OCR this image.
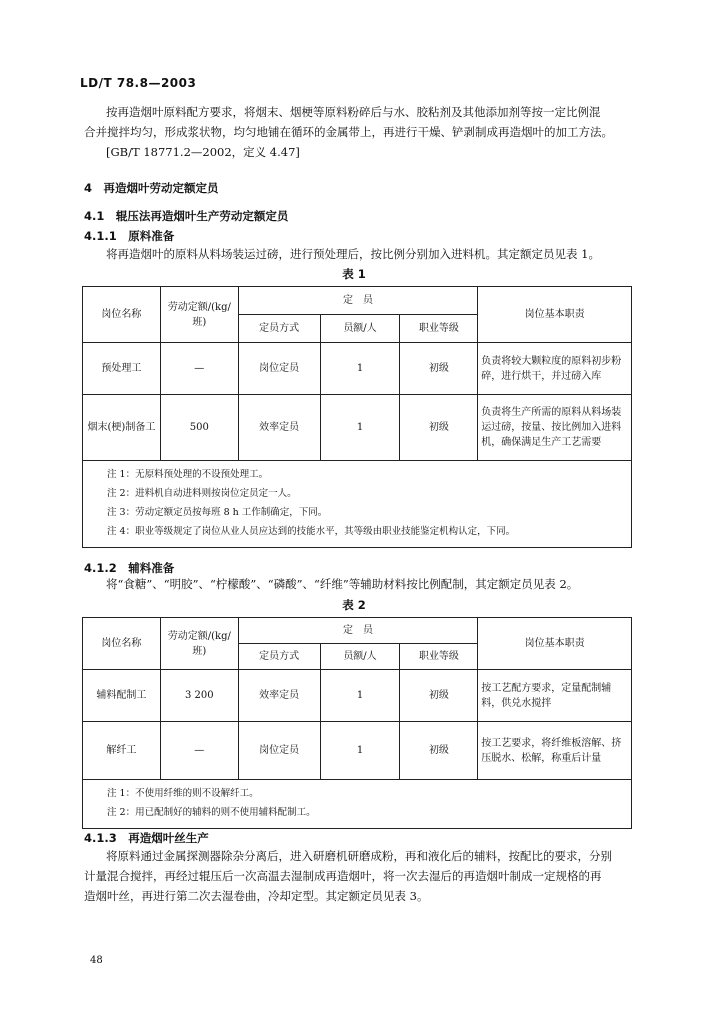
LD/T 78.8—2003
按再造烟叶原料配方要求，将烟末、烟梗等原料粉碎后与水、胶粘剂及其他添加剂等按一定比例混
合并搅拌均匀，形成浆状物，均匀地铺在循环的金属带上，再进行干燥、铲剥制成再造烟叶的加工方法。
[GB/T 18771.2—2002，定义 4.47]
4　再造烟叶劳动定额定员
4.1　辊压法再造烟叶生产劳动定额定员
4.1.1　原料准备
将再造烟叶的原料从料场装运过磅，进行预处理后，按比例分别加入进料机。其定额定员见表 1。
表 1
岗位名称	劳动定额/(kg/班)	定　员			岗位基本职责
		定员方式	员额/人	职业等级	
预处理工	—	岗位定员	1	初级	负责将较大颗粒度的原料初步粉碎，进行烘干，并过磅入库
烟末(梗)制备工	500	效率定员	1	初级	负责将生产所需的原料从料场装运过磅，按量、按比例加入进料机，确保满足生产工艺需要

注 1：无原料预处理的不设预处理工。
注 2：进料机自动进料则按岗位定员定一人。
注 3：劳动定额定员按每班 8 h 工作制确定，下同。
注 4：职业等级规定了岗位从业人员应达到的技能水平，其等级由职业技能鉴定机构认定，下同。					
4.1.2　辅料准备
将“食糖”、“明胶”、“柠檬酸”、“磷酸”、“纤维”等辅助材料按比例配制，其定额定员见表 2。
表 2
岗位名称	劳动定额/(kg/班)	定　员			岗位基本职责
		定员方式	员额/人	职业等级	
辅料配制工	3 200	效率定员	1	初级	按工艺配方要求，定量配制辅料，供兑水搅拌
解纤工	—	岗位定员	1	初级	按工艺要求，将纤维板溶解、挤压脱水、松解，称重后计量

注 1：不使用纤维的则不设解纤工。
注 2：用已配制好的辅料的则不使用辅料配制工。					
4.1.3　再造烟叶丝生产
将原料通过金属探测器除杂分离后，进入研磨机研磨成粉，再和液化后的辅料，按配比的要求，分别
计量混合搅拌，再经过辊压后一次高温去湿制成再造烟叶，将一次去湿后的再造烟叶制成一定规格的再
造烟叶丝，再进行第二次去湿卷曲，冷却定型。其定额定员见表 3。
48
